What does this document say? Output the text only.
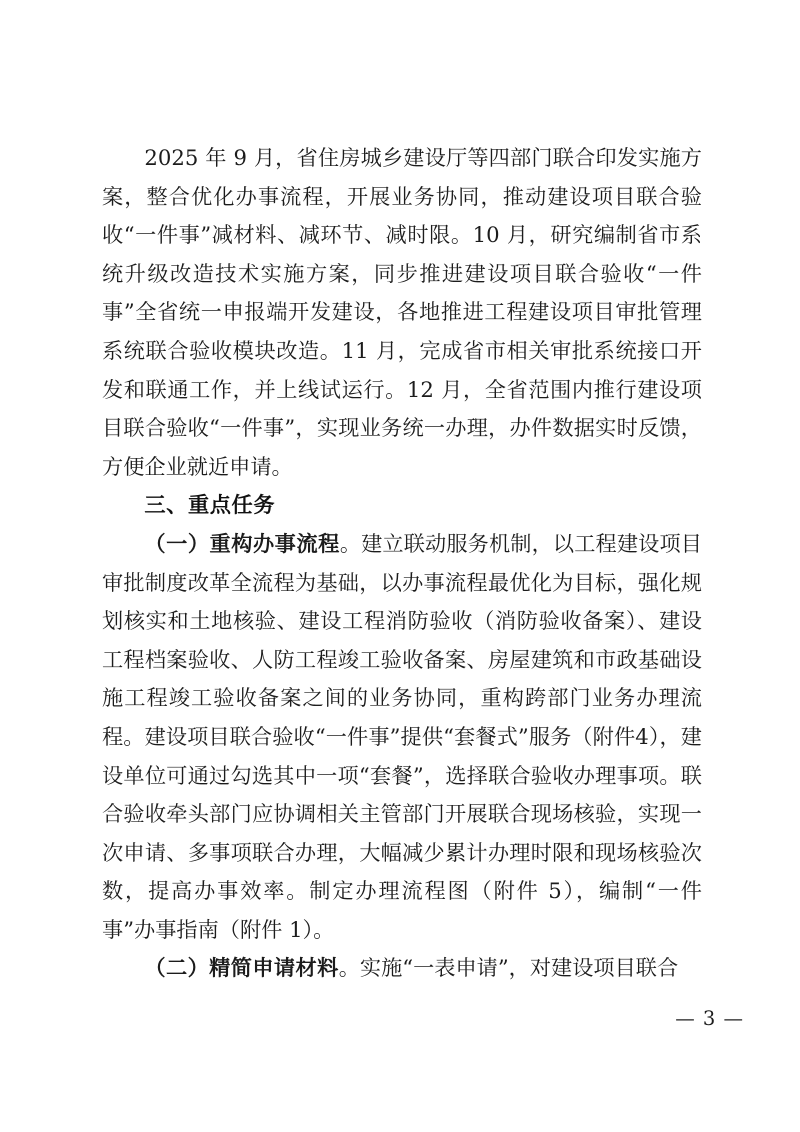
2025 年 9 月，省住房城乡建设厅等四部门联合印发实施方案，整合优化办事流程，开展业务协同，推动建设项目联合验收“一件事”减材料、减环节、减时限。10 月，研究编制省市系统升级改造技术实施方案，同步推进建设项目联合验收“一件事”全省统一申报端开发建设，各地推进工程建设项目审批管理系统联合验收模块改造。11 月，完成省市相关审批系统接口开发和联通工作，并上线试运行。12 月，全省范围内推行建设项目联合验收“一件事”，实现业务统一办理，办件数据实时反馈，方便企业就近申请。

三、重点任务

（一）重构办事流程。建立联动服务机制，以工程建设项目审批制度改革全流程为基础，以办事流程最优化为目标，强化规划核实和土地核验、建设工程消防验收（消防验收备案）、建设工程档案验收、人防工程竣工验收备案、房屋建筑和市政基础设施工程竣工验收备案之间的业务协同，重构跨部门业务办理流程。建设项目联合验收“一件事”提供“套餐式”服务（附件4），建设单位可通过勾选其中一项“套餐”，选择联合验收办理事项。联合验收牵头部门应协调相关主管部门开展联合现场核验，实现一次申请、多事项联合办理，大幅减少累计办理时限和现场核验次数，提高办事效率。制定办理流程图（附件 5），编制“一件事”办事指南（附件 1）。

（二）精简申请材料。实施“一表申请”，对建设项目联合

— 3 —
